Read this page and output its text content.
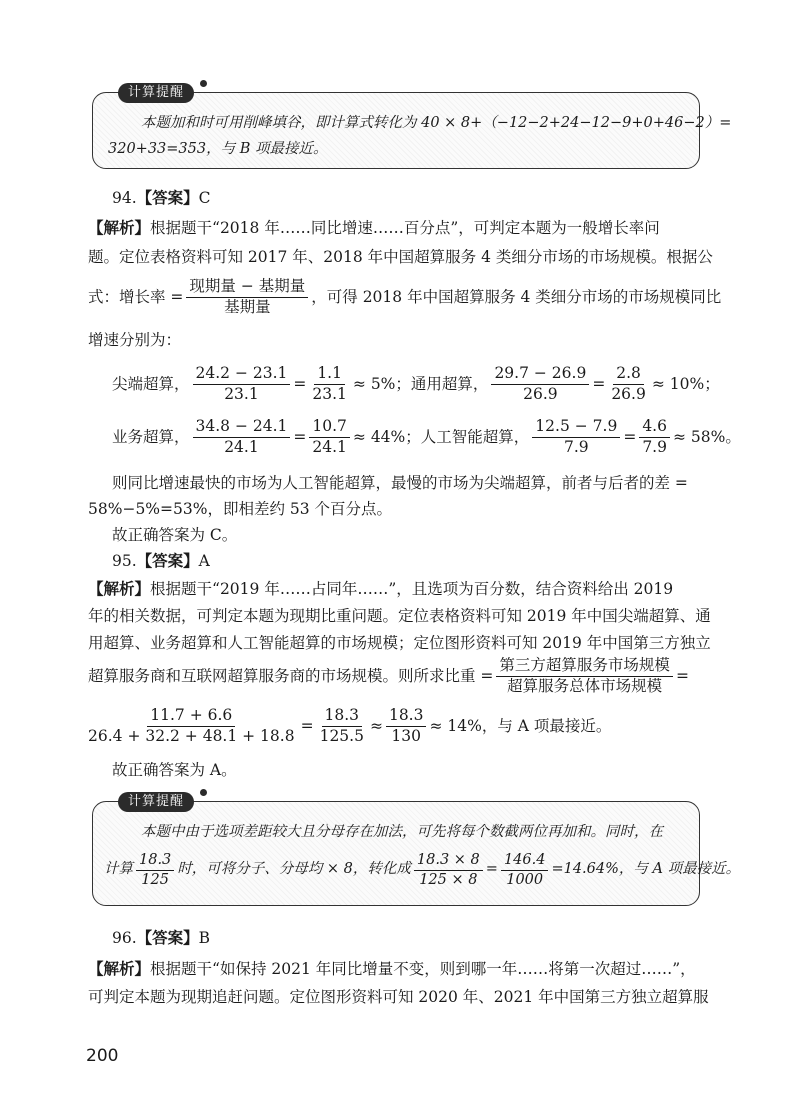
计算提醒
本题加和时可用削峰填谷，即计算式转化为 40 × 8+（−12−2+24−12−9+0+46−2）=
320+33=353，与 B 项最接近。
94.【答案】C
【解析】根据题干“2018 年……同比增速……百分点”，可判定本题为一般增长率问
题。定位表格资料可知 2017 年、2018 年中国超算服务 4 类细分市场的市场规模。根据公
式：增长率 = $\frac{\text{现期量 − 基期量}}{\text{基期量}}$ ，可得 2018 年中国超算服务 4 类细分市场的市场规模同比
增速分别为：
尖端超算， $\frac{24.2 - 23.1}{23.1} = \frac{1.1}{23.1} \approx 5\%$； 通用超算， $\frac{29.7 - 26.9}{26.9} = \frac{2.8}{26.9} \approx 10\%$；
业务超算， $\frac{34.8 - 24.1}{24.1} = \frac{10.7}{24.1} \approx 44\%$； 人工智能超算， $\frac{12.5 - 7.9}{7.9} = \frac{4.6}{7.9} \approx 58\%$。
则同比增速最快的市场为人工智能超算，最慢的市场为尖端超算，前者与后者的差 =
58%−5%=53%，即相差约 53 个百分点。
故正确答案为 C。
95.【答案】A
【解析】根据题干“2019 年……占同年……”，且选项为百分数，结合资料给出 2019
年的相关数据，可判定本题为现期比重问题。定位表格资料可知 2019 年中国尖端超算、通
用超算、业务超算和人工智能超算的市场规模；定位图形资料可知 2019 年中国第三方独立
超算服务商和互联网超算服务商的市场规模。则所求比重 = $\frac{\text{第三方超算服务市场规模}}{\text{超算服务总体市场规模}}$ =
$\frac{11.7 + 6.6}{26.4 + 32.2 + 48.1 + 18.8} = \frac{18.3}{125.5} \approx \frac{18.3}{130} \approx 14\%$，与 A 项最接近。
故正确答案为 A。
计算提醒
本题中由于选项差距较大且分母存在加法，可先将每个数截两位再加和。同时，在
计算 $\frac{18.3}{125}$ 时，可将分子、分母均 × 8，转化成 $\frac{18.3 \times 8}{125 \times 8} = \frac{146.4}{1000} =14.64\%$，与 A 项最接近。
96.【答案】B
【解析】根据题干“如保持 2021 年同比增量不变，则到哪一年……将第一次超过……”，
可判定本题为现期追赶问题。定位图形资料可知 2020 年、2021 年中国第三方独立超算服
200
